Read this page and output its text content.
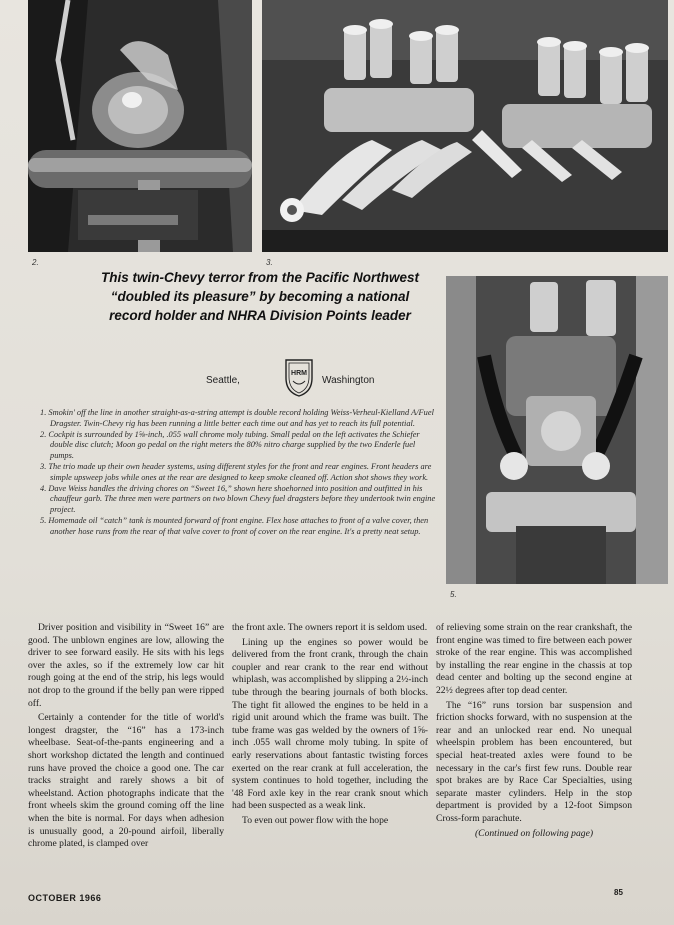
2.	3.
This twin-Chevy terror from the Pacific Northwest “doubled its pleasure” by becoming a national record holder and NHRA Division Points leader
Seattle,
HRM
Washington
1. Smokin' off the line in another straight-as-a-string attempt is double record holding Weiss-Verheul-Kielland A/Fuel Dragster. Twin-Chevy rig has been running a little better each time out and has yet to reach its full potential.
2. Cockpit is surrounded by 1⅝-inch, .055 wall chrome moly tubing. Small pedal on the left activates the Schiefer double disc clutch; Moon go pedal on the right meters the 80% nitro charge supplied by the two Enderle fuel pumps.
3. The trio made up their own header systems, using different styles for the front and rear engines. Front headers are simple upsweep jobs while ones at the rear are designed to keep smoke cleaned off. Action shot shows they work.
4. Dave Weiss handles the driving chores on “Sweet 16,” shown here shoehorned into position and outfitted in his chauffeur garb. The three men were partners on two blown Chevy fuel dragsters before they undertook twin engine project.
5. Homemade oil “catch” tank is mounted forward of front engine. Flex hose attaches to front of a valve cover, then another hose runs from the rear of that valve cover to front of cover on the rear engine. It's a pretty neat setup.
5.

Driver position and visibility in “Sweet 16” are good. The unblown engines are low, allowing the driver to see forward easily. He sits with his legs over the axles, so if the extremely low car hit rough going at the end of the strip, his legs would not drop to the ground if the belly pan were ripped off.

Certainly a contender for the title of world's longest dragster, the “16” has a 173-inch wheelbase. Seat-of-the-pants engineering and a short workshop dictated the length and continued runs have proved the choice a good one. The car tracks straight and rarely shows a bit of wheelstand. Action photographs indicate that the front wheels skim the ground coming off the line when the bite is normal. For days when adhesion is unusually good, a 20-pound airfoil, liberally chrome plated, is clamped over

the front axle. The owners report it is seldom used.

Lining up the engines so power would be delivered from the front crank, through the chain coupler and rear crank to the rear end without whiplash, was accomplished by slipping a 2½-inch tube through the bearing journals of both blocks. The tight fit allowed the engines to be held in a rigid unit around which the frame was built. The tube frame was gas welded by the owners of 1⅝-inch .055 wall chrome moly tubing. In spite of early reservations about fantastic twisting forces exerted on the rear crank at full acceleration, the system continues to hold together, including the '48 Ford axle key in the rear crank snout which had been suspected as a weak link.

To even out power flow with the hope

of relieving some strain on the rear crankshaft, the front engine was timed to fire between each power stroke of the rear engine. This was accomplished by installing the rear engine in the chassis at top dead center and bolting up the second engine at 22½ degrees after top dead center.

The “16” runs torsion bar suspension and friction shocks forward, with no suspension at the rear and an unlocked rear end. No unequal wheelspin problem has been encountered, but special heat-treated axles were found to be necessary in the car's first few runs. Double rear spot brakes are by Race Car Specialties, using separate master cylinders. Help in the stop department is provided by a 12-foot Simpson Cross-form parachute.

(Continued on following page)

OCTOBER 1966
85
